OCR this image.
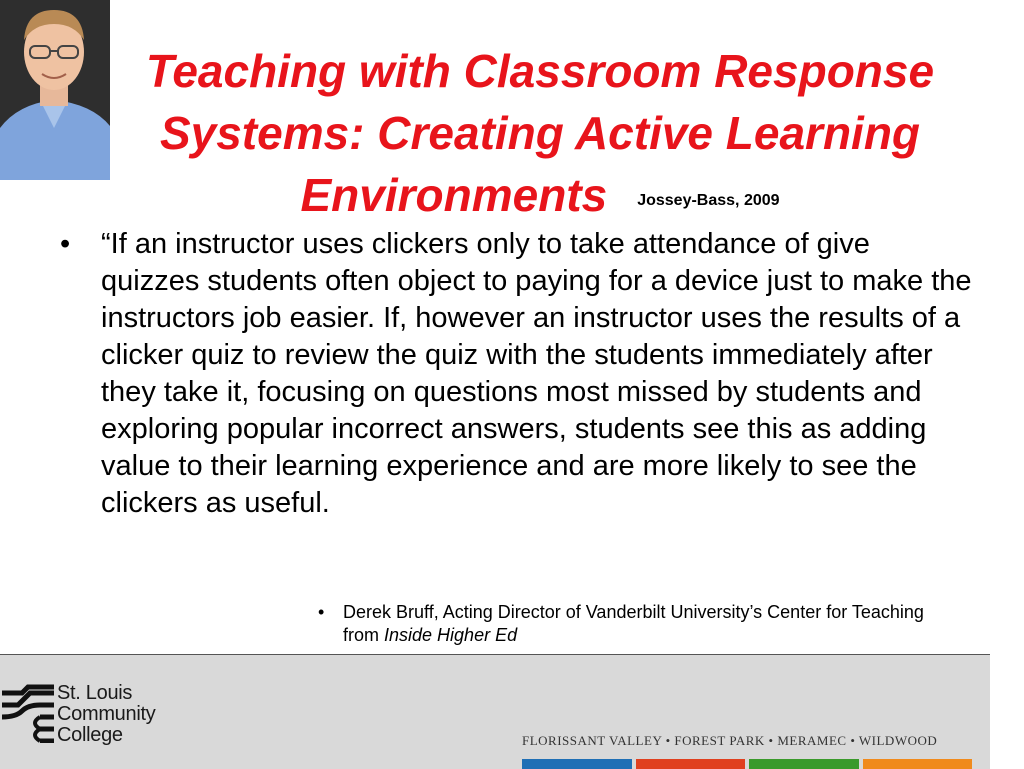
Teaching with Classroom Response Systems: Creating Active Learning Environments Jossey-Bass, 2009
• “If an instructor uses clickers only to take attendance of give quizzes students often object to paying for a device just to make the instructors job easier. If, however an instructor uses the results of a clicker quiz to review the quiz with the students immediately after they take it, focusing on questions most missed by students and exploring popular incorrect answers, students see this as adding value to their learning experience and are more likely to see the clickers as useful.
• Derek Bruff, Acting Director of Vanderbilt University’s Center for Teaching from Inside Higher Ed

St. Louis
Community
College	FLORISSANT VALLEY • FOREST PARK • MERAMEC • WILDWOOD
